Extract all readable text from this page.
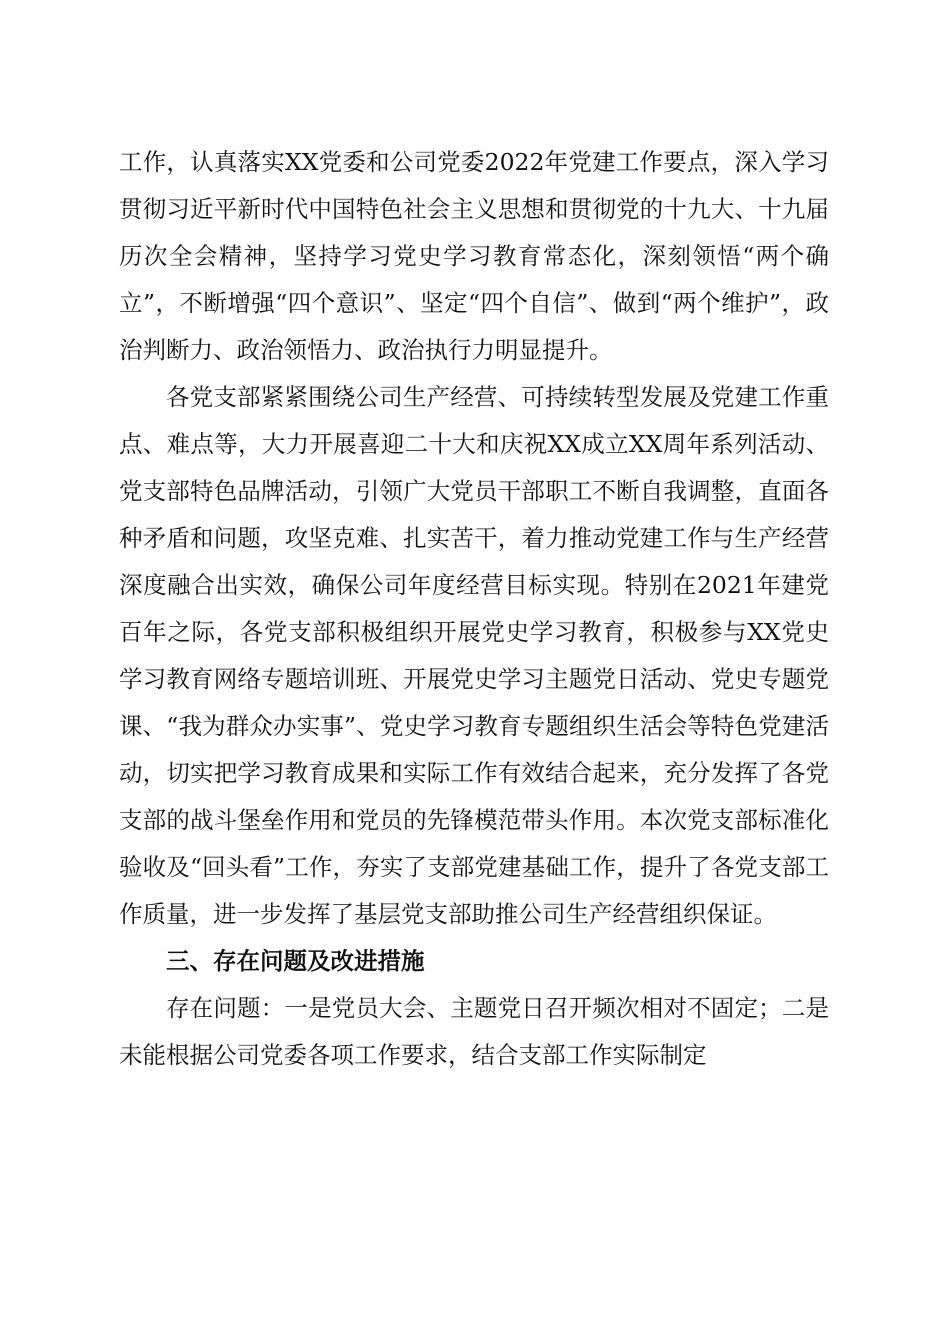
工作，认真落实XX党委和公司党委2022年党建工作要点，深入学习贯彻习近平新时代中国特色社会主义思想和贯彻党的十九大、十九届历次全会精神，坚持学习党史学习教育常态化，深刻领悟“两个确立”，不断增强“四个意识”、坚定“四个自信”、做到“两个维护”，政治判断力、政治领悟力、政治执行力明显提升。

各党支部紧紧围绕公司生产经营、可持续转型发展及党建工作重点、难点等，大力开展喜迎二十大和庆祝XX成立XX周年系列活动、党支部特色品牌活动，引领广大党员干部职工不断自我调整，直面各种矛盾和问题，攻坚克难、扎实苦干，着力推动党建工作与生产经营深度融合出实效，确保公司年度经营目标实现。特别在2021年建党百年之际，各党支部积极组织开展党史学习教育，积极参与XX党史学习教育网络专题培训班、开展党史学习主题党日活动、党史专题党课、“我为群众办实事”、党史学习教育专题组织生活会等特色党建活动，切实把学习教育成果和实际工作有效结合起来，充分发挥了各党支部的战斗堡垒作用和党员的先锋模范带头作用。本次党支部标准化验收及“回头看”工作，夯实了支部党建基础工作，提升了各党支部工作质量，进一步发挥了基层党支部助推公司生产经营组织保证。

三、存在问题及改进措施

存在问题：一是党员大会、主题党日召开频次相对不固定；二是未能根据公司党委各项工作要求，结合支部工作实际制定
